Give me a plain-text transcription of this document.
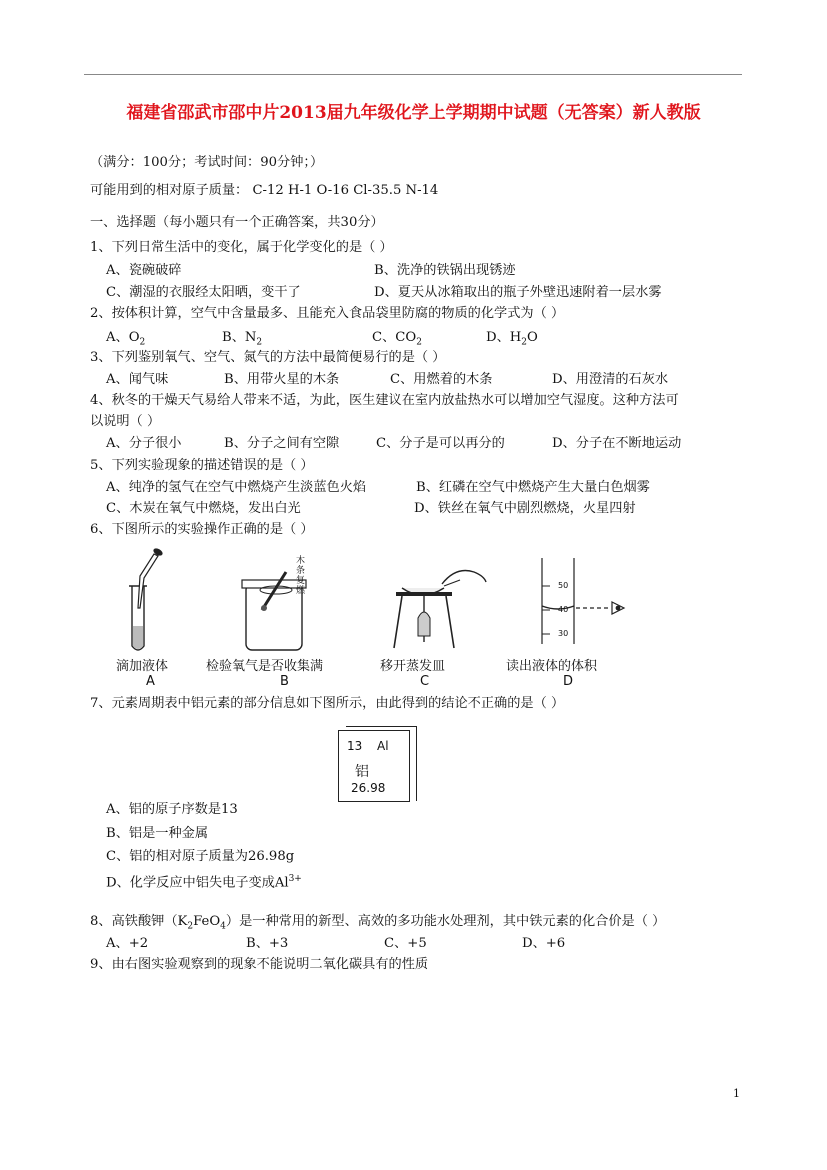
福建省邵武市邵中片2013届九年级化学上学期期中试题（无答案）新人教版
（满分：100分；考试时间：90分钟；）
可能用到的相对原子质量： C-12 H-1 O-16 Cl-35.5 N-14
一、选择题（每小题只有一个正确答案，共30分）
1、下列日常生活中的变化，属于化学变化的是（ ）
A、瓷碗破碎	B、洗净的铁锅出现锈迹
C、潮湿的衣服经太阳晒，变干了	D、夏天从冰箱取出的瓶子外壁迅速附着一层水雾
2、按体积计算，空气中含量最多、且能充入食品袋里防腐的物质的化学式为（ ）
A、$O_2$	B、$N_2$	C、$CO_2$	D、$H_2O$
3、下列鉴别氧气、空气、氮气的方法中最简便易行的是（ ）
A、闻气味	B、用带火星的木条	C、用燃着的木条	D、用澄清的石灰水
4、秋冬的干燥天气易给人带来不适，为此，医生建议在室内放盐热水可以增加空气湿度。这种方法可
以说明（ ）
A、分子很小	B、分子之间有空隙	C、分子是可以再分的	D、分子在不断地运动
5、下列实验现象的描述错误的是（ ）
A、纯净的氢气在空气中燃烧产生淡蓝色火焰	B、红磷在空气中燃烧产生大量白色烟雾
C、木炭在氧气中燃烧，发出白光	D、铁丝在氧气中剧烈燃烧，火星四射
6、下图所示的实验操作正确的是（ ）
滴加液体
A
木条复燃
检验氧气是否收集满
B
移开蒸发皿
C
50
40
30
读出液体的体积
D
7、元素周期表中铝元素的部分信息如下图所示，由此得到的结论不正确的是（ ）
13 Al
铝
26.98
A、铝的原子序数是13
B、铝是一种金属
C、铝的相对原子质量为26.98g
D、化学反应中铝失电子变成$Al^{3+}$
8、高铁酸钾$(K_2FeO_4)$是一种常用的新型、高效的多功能水处理剂，其中铁元素的化合价是（ ）
A、+2	B、+3	C、+5	D、+6
9、由右图实验观察到的现象不能说明二氧化碳具有的性质
1
